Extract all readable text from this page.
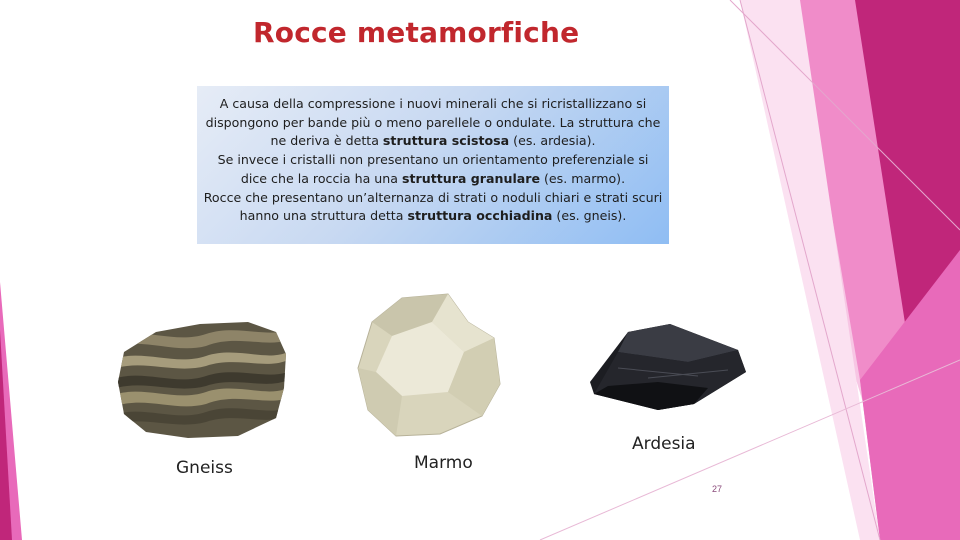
Rocce metamorfiche

A causa della compressione i nuovi minerali che si ricristallizzano si dispongono per bande più o meno parellele o ondulate. La struttura che ne deriva è detta struttura scistosa (es. ardesia).

Se invece i cristalli non presentano un orientamento preferenziale si dice che la roccia ha una struttura granulare (es. marmo).

Rocce che presentano un’alternanza di strati o noduli chiari e strati scuri hanno una struttura detta struttura occhiadina (es. gneis).

Gneiss	Marmo
Ardesia
27
